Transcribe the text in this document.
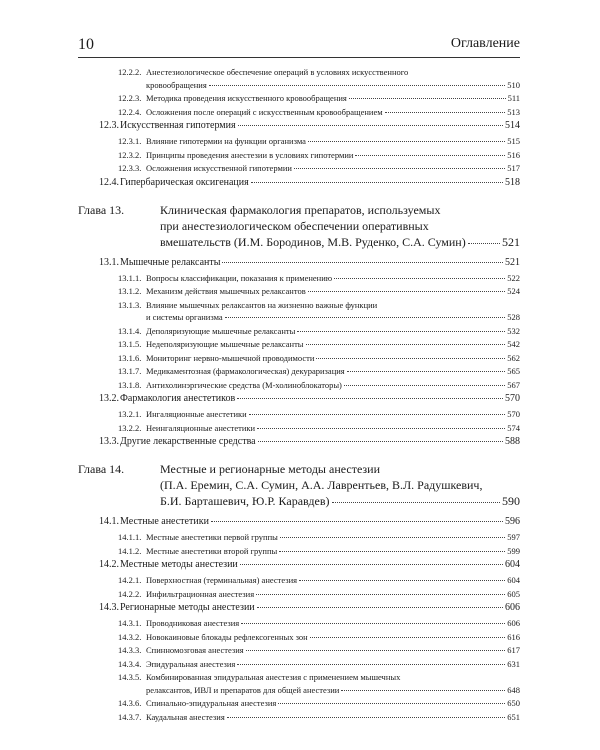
10	Оглавление
12.2.2. Анестезиологическое обеспечение операций в условиях искусственного
кровообращения	510
12.2.3. Методика проведения искусственного кровообращения	511
12.2.4. Осложнения после операций с искусственным кровообращением	513
12.3. Искусственная гипотермия	514
12.3.1. Влияние гипотермии на функции организма	515
12.3.2. Принципы проведения анестезии в условиях гипотермии	516
12.3.3. Осложнения искусственной гипотермии	517
12.4. Гипербарическая оксигенация	518
Глава 13.	Клиническая фармакология препаратов, используемых
при анестезиологическом обеспечении оперативных
вмешательств (И.М. Бородинов, М.В. Руденко, С.А. Сумин)	521
13.1. Мышечные релаксанты	521
13.1.1. Вопросы классификации, показания к применению	522
13.1.2. Механизм действия мышечных релаксантов	524
13.1.3. Влияние мышечных релаксантов на жизненно важные функции
и системы организма	528
13.1.4. Деполяризующие мышечные релаксанты	532
13.1.5. Недеполяризующие мышечные релаксанты	542
13.1.6. Мониторинг нервно-мышечной проводимости	562
13.1.7. Медикаментозная (фармакологическая) декураризация	565
13.1.8. Антихолинэргические средства (М-холиноблокаторы)	567
13.2. Фармакология анестетиков	570
13.2.1. Ингаляционные анестетики	570
13.2.2. Неингаляционные анестетики	574
13.3. Другие лекарственные средства	588
Глава 14.	Местные и регионарные методы анестезии
(П.А. Еремин, С.А. Сумин, А.А. Лаврентьев, В.Л. Радушкевич,
Б.И. Барташевич, Ю.Р. Каравдев)	590
14.1. Местные анестетики	596
14.1.1. Местные анестетики первой группы	597
14.1.2. Местные анестетики второй группы	599
14.2. Местные методы анестезии	604
14.2.1. Поверхностная (терминальная) анестезия	604
14.2.2. Инфильтрационная анестезия	605
14.3. Регионарные методы анестезии	606
14.3.1. Проводниковая анестезия	606
14.3.2. Новокаиновые блокады рефлексогенных зон	616
14.3.3. Спинномозговая анестезия	617
14.3.4. Эпидуральная анестезия	631
14.3.5. Комбинированная эпидуральная анестезия с применением мышечных
релаксантов, ИВЛ и препаратов для общей анестезии	648
14.3.6. Спинально-эпидуральная анестезия	650
14.3.7. Каудальная анестезия	651
